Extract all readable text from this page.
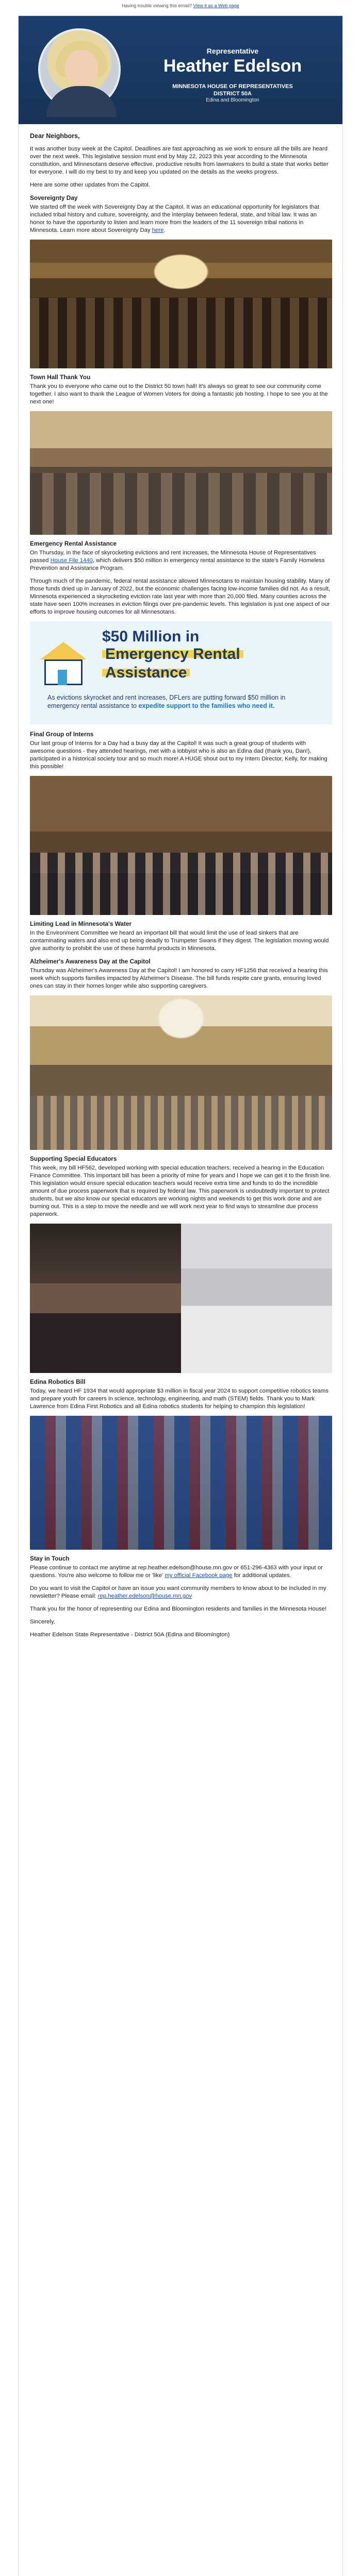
Having trouble viewing this email? View it as a Web page
Representative
Heather Edelson
MINNESOTA HOUSE OF REPRESENTATIVES
DISTRICT 50A
Edina and Bloomington
Dear Neighbors,

It was another busy week at the Capitol. Deadlines are fast approaching as we work to ensure all the bills are heard over the next week. This legislative session must end by May 22, 2023 this year according to the Minnesota constitution, and Minnesotans deserve effective, productive results from lawmakers to build a state that works better for everyone. I will do my best to try and keep you updated on the details as the weeks progress.

Here are some other updates from the Capitol.

Sovereignty Day

We started off the week with Sovereignty Day at the Capitol. It was an educational opportunity for legislators that included tribal history and culture, sovereignty, and the interplay between federal, state, and tribal law. It was an honor to have the opportunity to listen and learn more from the leaders of the 11 sovereign tribal nations in Minnesota. Learn more about Sovereignty Day here.

Town Hall Thank You

Thank you to everyone who came out to the District 50 town hall! It's always so great to see our community come together. I also want to thank the League of Women Voters for doing a fantastic job hosting. I hope to see you at the next one!

Emergency Rental Assistance

On Thursday, in the face of skyrocketing evictions and rent increases, the Minnesota House of Representatives passed House File 1440, which delivers $50 million in emergency rental assistance to the state's Family Homeless Prevention and Assistance Program.

Through much of the pandemic, federal rental assistance allowed Minnesotans to maintain housing stability. Many of those funds dried up in January of 2022, but the economic challenges facing low-income families did not. As a result, Minnesota experienced a skyrocketing eviction rate last year with more than 20,000 filed. Many counties across the state have seen 100% increases in eviction filings over pre-pandemic levels. This legislation is just one aspect of our efforts to improve housing outcomes for all Minnesotans.

$50 Million in
Emergency Rental
Assistance
As evictions skyrocket and rent increases, DFLers are putting forward $50 million in emergency rental assistance to expedite support to the families who need it.
Final Group of Interns

Our last group of Interns for a Day had a busy day at the Capitol! It was such a great group of students with awesome questions - they attended hearings, met with a lobbyist who is also an Edina dad (thank you, Dan!), participated in a historical society tour and so much more! A HUGE shout out to my Intern Director, Kelly, for making this possible!

Limiting Lead in Minnesota's Water

In the Environment Committee we heard an important bill that would limit the use of lead sinkers that are contaminating waters and also end up being deadly to Trumpeter Swans if they digest. The legislation moving would give authority to prohibit the use of these harmful products in Minnesota.

Alzheimer's Awareness Day at the Capitol

Thursday was Alzheimer's Awareness Day at the Capitol! I am honored to carry HF1256 that received a hearing this week which supports families impacted by Alzheimer's Disease. The bill funds respite care grants, ensuring loved ones can stay in their homes longer while also supporting caregivers.

Supporting Special Educators

This week, my bill HF562, developed working with special education teachers, received a hearing in the Education Finance Committee. This important bill has been a priority of mine for years and I hope we can get it to the finish line. This legislation would ensure special education teachers would receive extra time and funds to do the incredible amount of due process paperwork that is required by federal law. This paperwork is undoubtedly important to protect students, but we also know our special educators are working nights and weekends to get this work done and are burning out. This is a step to move the needle and we will work next year to find ways to streamline due process paperwork.

Edina Robotics Bill

Today, we heard HF 1934 that would appropriate $3 million in fiscal year 2024 to support competitive robotics teams and prepare youth for careers in science, technology, engineering, and math (STEM) fields. Thank you to Mark Lawrence from Edina First Robotics and all Edina robotics students for helping to champion this legislation!

Stay in Touch

Please continue to contact me anytime at rep.heather.edelson@house.mn.gov or 651-296-4363 with your input or questions. You're also welcome to follow me or 'like' my official Facebook page for additional updates.

Do you want to visit the Capitol or have an issue you want community members to know about to be included in my newsletter? Please email: rep.heather.edelson@house.mn.gov

Thank you for the honor of representing our Edina and Bloomington residents and families in the Minnesota House!

Sincerely,

Heather Edelson State Representative - District 50A (Edina and Bloomington)
